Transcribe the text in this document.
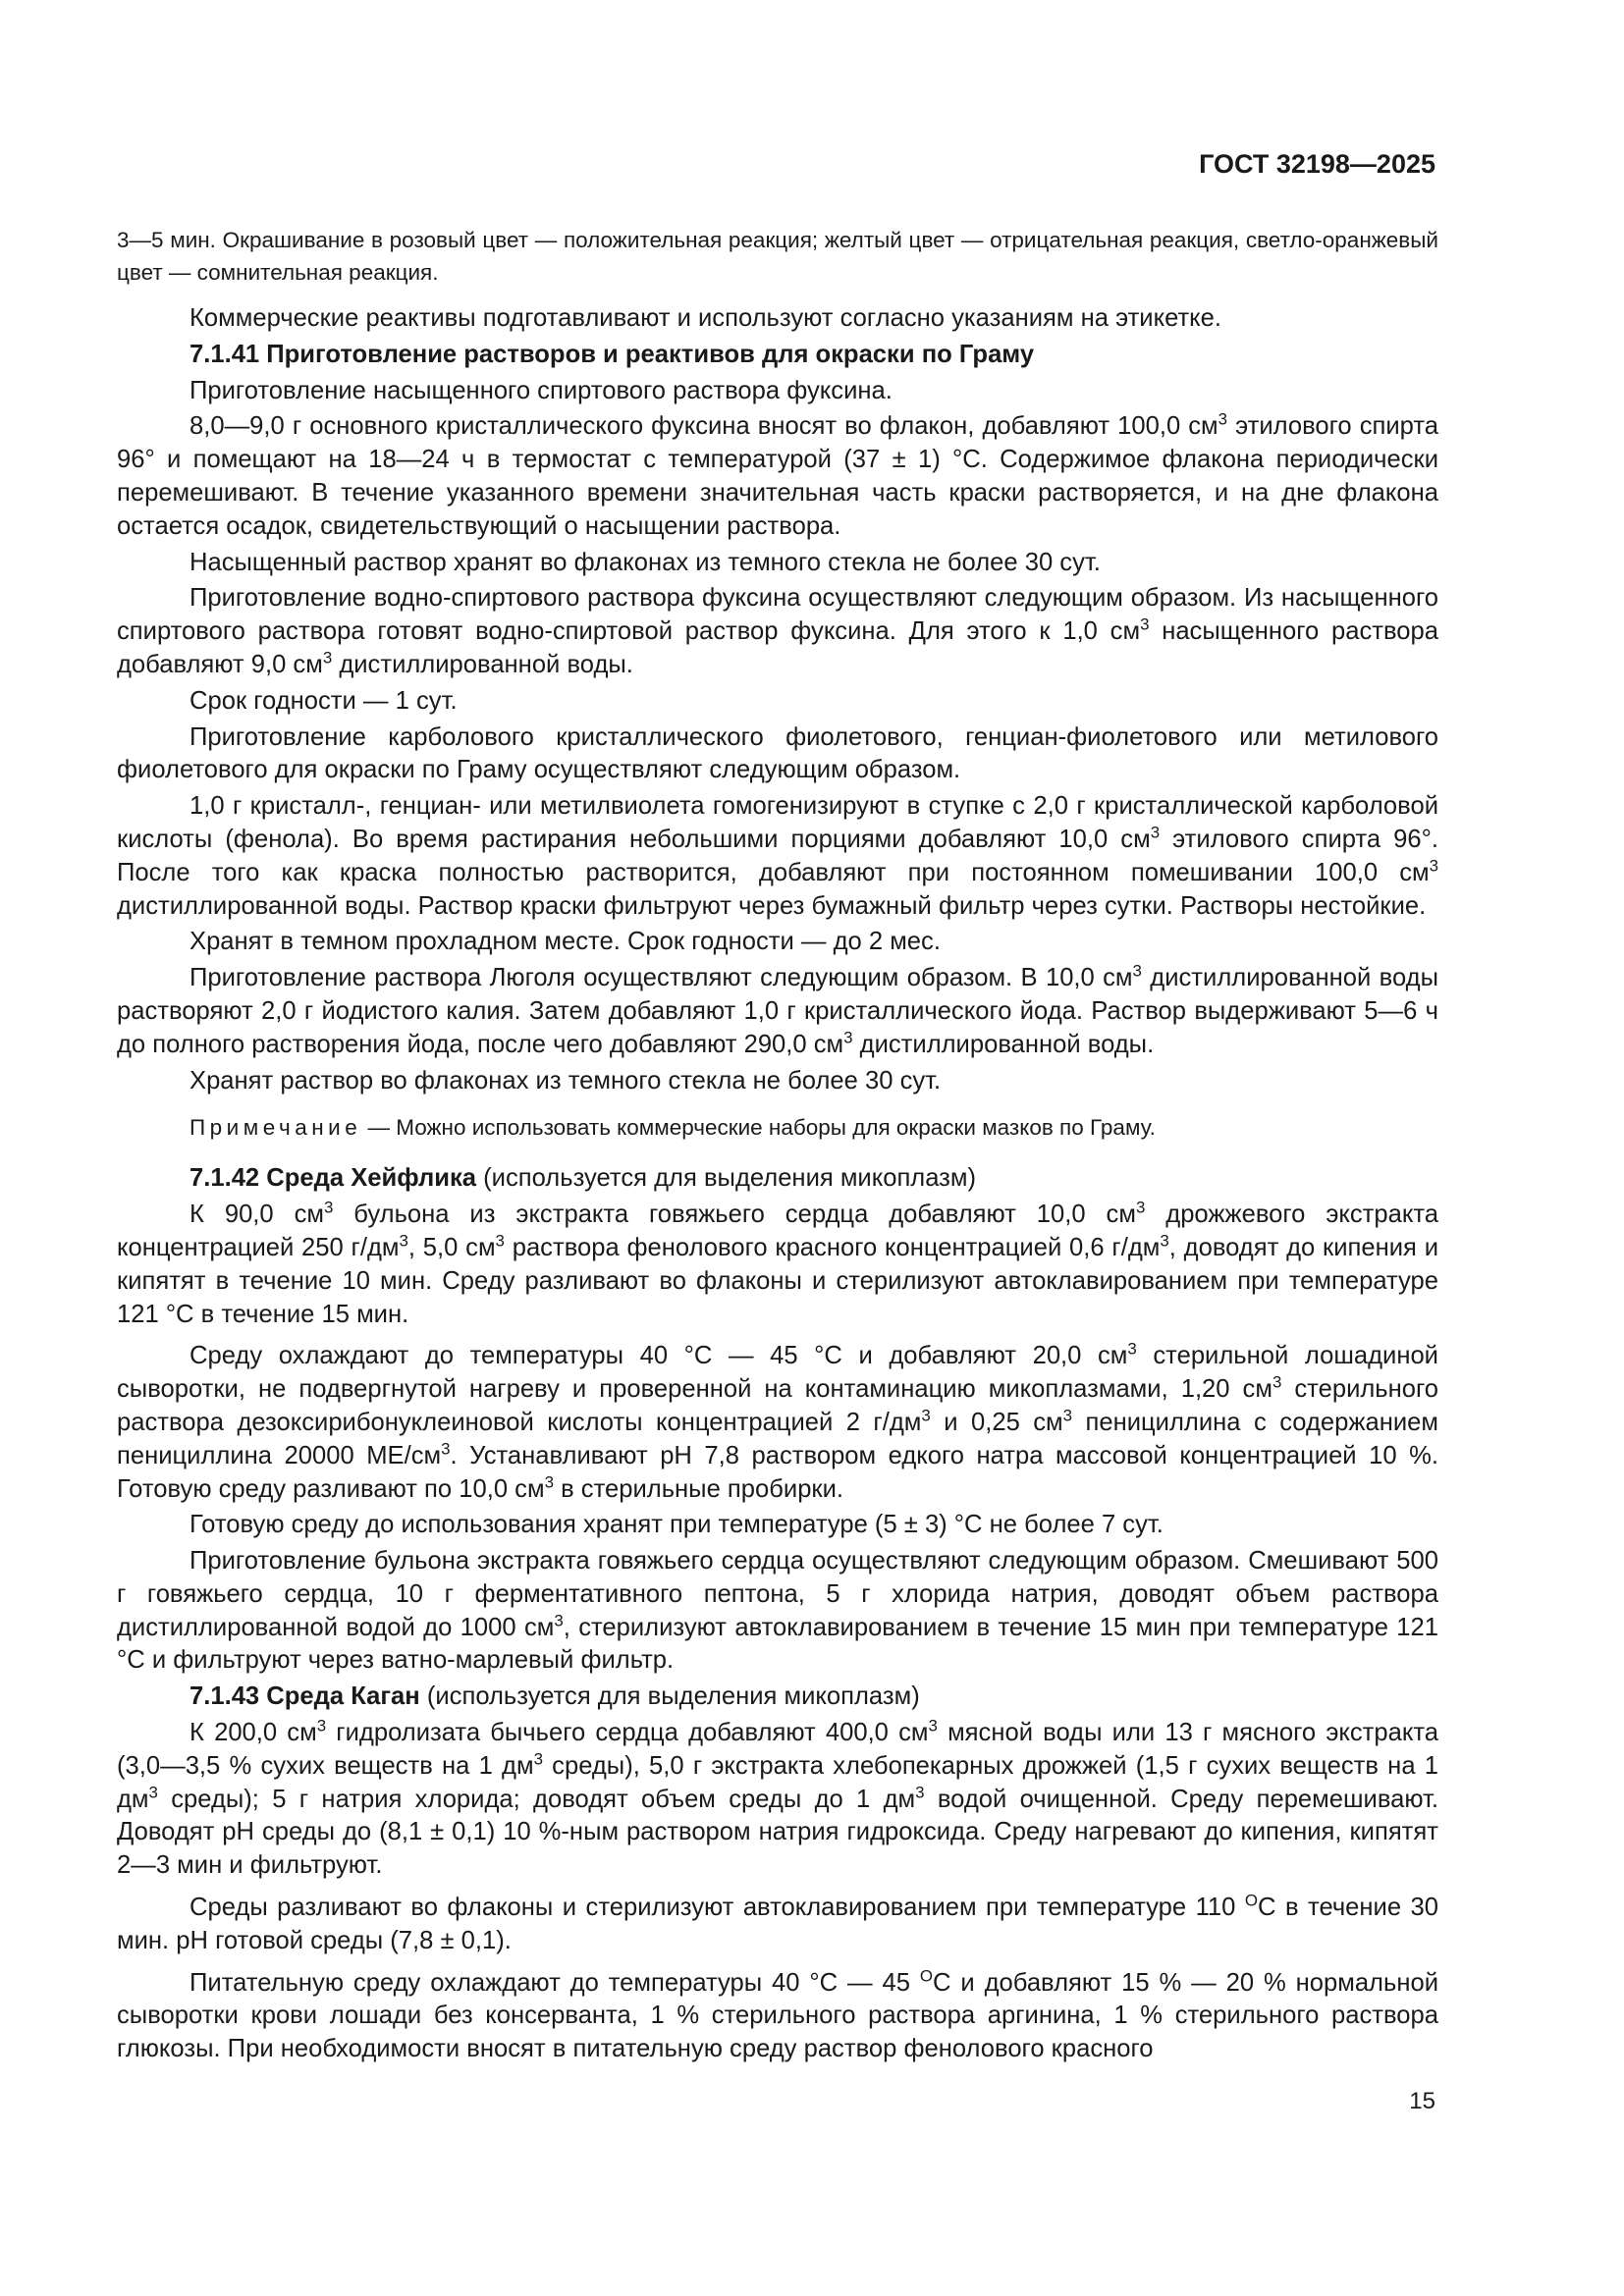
ГОСТ 32198—2025

3—5 мин. Окрашивание в розовый цвет — положительная реакция; желтый цвет — отрицательная реакция, светло-оранжевый цвет — сомнительная реакция.

Коммерческие реактивы подготавливают и используют согласно указаниям на этикетке.

7.1.41 Приготовление растворов и реактивов для окраски по Граму

Приготовление насыщенного спиртового раствора фуксина.

8,0—9,0 г основного кристаллического фуксина вносят во флакон, добавляют 100,0 $см^3$ этилового спирта 96° и помещают на 18—24 ч в термостат с температурой (37 ± 1) °С. Содержимое флакона периодически перемешивают. В течение указанного времени значительная часть краски растворяется, и на дне флакона остается осадок, свидетельствующий о насыщении раствора.

Насыщенный раствор хранят во флаконах из темного стекла не более 30 сут.

Приготовление водно-спиртового раствора фуксина осуществляют следующим образом. Из насыщенного спиртового раствора готовят водно-спиртовой раствор фуксина. Для этого к 1,0 $см^3$ насыщенного раствора добавляют 9,0 $см^3$ дистиллированной воды.

Срок годности — 1 сут.

Приготовление карболового кристаллического фиолетового, генциан-фиолетового или метилового фиолетового для окраски по Граму осуществляют следующим образом.

1,0 г кристалл-, генциан- или метилвиолета гомогенизируют в ступке с 2,0 г кристаллической карболовой кислоты (фенола). Во время растирания небольшими порциями добавляют 10,0 $см^3$ этилового спирта 96°. После того как краска полностью растворится, добавляют при постоянном помешивании 100,0 $см^3$ дистиллированной воды. Раствор краски фильтруют через бумажный фильтр через сутки. Растворы нестойкие.

Хранят в темном прохладном месте. Срок годности — до 2 мес.

Приготовление раствора Люголя осуществляют следующим образом. В 10,0 $см^3$ дистиллированной воды растворяют 2,0 г йодистого калия. Затем добавляют 1,0 г кристаллического йода. Раствор выдерживают 5—6 ч до полного растворения йода, после чего добавляют 290,0 $см^3$ дистиллированной воды.

Хранят раствор во флаконах из темного стекла не более 30 сут.

Примечание — Можно использовать коммерческие наборы для окраски мазков по Граму.

7.1.42 Среда Хейфлика (используется для выделения микоплазм)

К 90,0 $см^3$ бульона из экстракта говяжьего сердца добавляют 10,0 $см^3$ дрожжевого экстракта концентрацией 250 $г/дм^3$, 5,0 $см^3$ раствора фенолового красного концентрацией 0,6 $г/дм^3$, доводят до кипения и кипятят в течение 10 мин. Среду разливают во флаконы и стерилизуют автоклавированием при температуре 121 °С в течение 15 мин.

Среду охлаждают до температуры 40 °С — 45 °С и добавляют 20,0 $см^3$ стерильной лошадиной сыворотки, не подвергнутой нагреву и проверенной на контаминацию микоплазмами, 1,20 $см^3$ стерильного раствора дезоксирибонуклеиновой кислоты концентрацией 2 $г/дм^3$ и 0,25 $см^3$ пенициллина с содержанием пенициллина 20000 $МЕ/см^3$. Устанавливают pH 7,8 раствором едкого натра массовой концентрацией 10 %. Готовую среду разливают по 10,0 $см^3$ в стерильные пробирки.

Готовую среду до использования хранят при температуре (5 ± 3) °С не более 7 сут.

Приготовление бульона экстракта говяжьего сердца осуществляют следующим образом. Смешивают 500 г говяжьего сердца, 10 г ферментативного пептона, 5 г хлорида натрия, доводят объем раствора дистиллированной водой до 1000 $см^3$, стерилизуют автоклавированием в течение 15 мин при температуре 121 °С и фильтруют через ватно-марлевый фильтр.

7.1.43 Среда Каган (используется для выделения микоплазм)

К 200,0 $см^3$ гидролизата бычьего сердца добавляют 400,0 $см^3$ мясной воды или 13 г мясного экстракта (3,0—3,5 % сухих веществ на 1 $дм^3$ среды), 5,0 г экстракта хлебопекарных дрожжей (1,5 г сухих веществ на 1 $дм^3$ среды); 5 г натрия хлорида; доводят объем среды до 1 $дм^3$ водой очищенной. Среду перемешивают. Доводят pH среды до (8,1 ± 0,1) 10 %-ным раствором натрия гидроксида. Среду нагревают до кипения, кипятят 2—3 мин и фильтруют.

Среды разливают во флаконы и стерилизуют автоклавированием при температуре 110 $^О$С в течение 30 мин. pH готовой среды (7,8 ± 0,1).

Питательную среду охлаждают до температуры 40 °С — 45 $^О$С и добавляют 15 % — 20 % нормальной сыворотки крови лошади без консерванта, 1 % стерильного раствора аргинина, 1 % стерильного раствора глюкозы. При необходимости вносят в питательную среду раствор фенолового красного

15
